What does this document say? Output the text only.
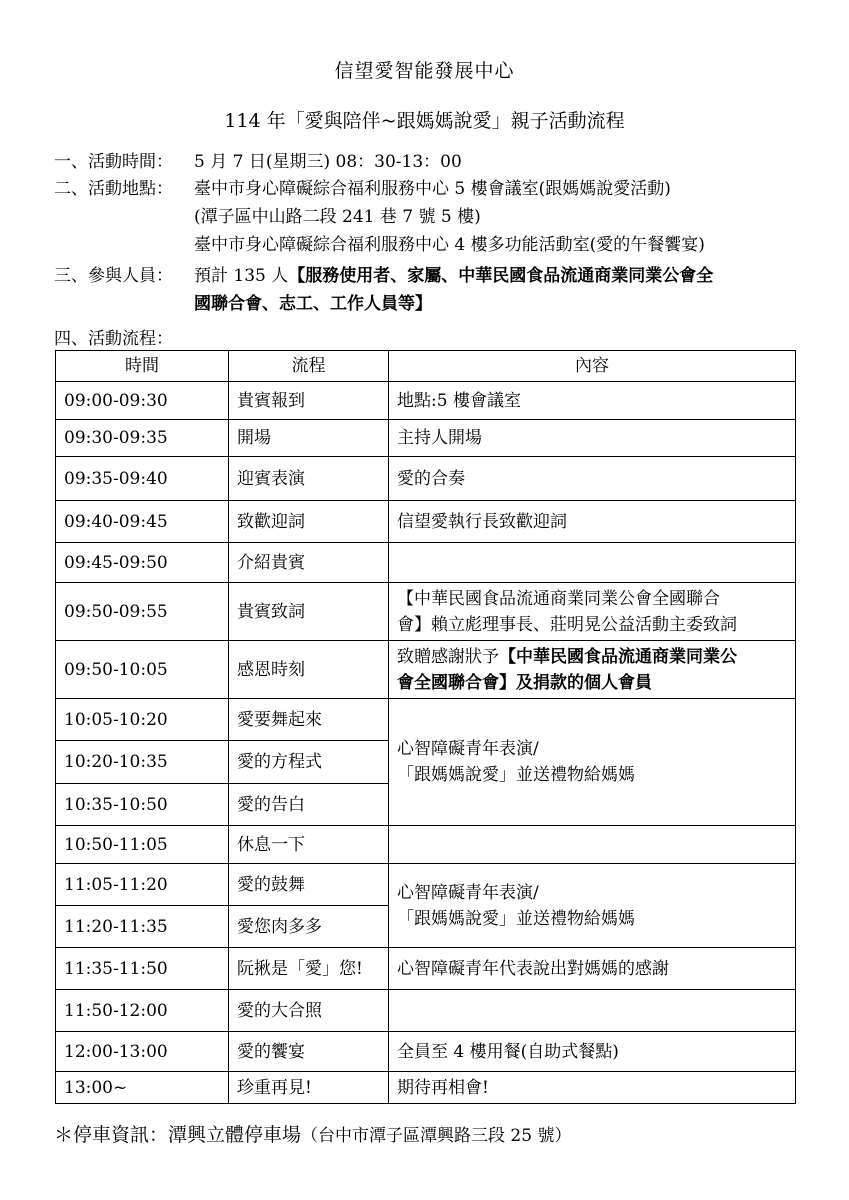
信望愛智能發展中心
114 年「愛與陪伴~跟媽媽說愛」親子活動流程
一、活動時間： 5 月 7 日(星期三) 08：30-13：00
二、活動地點： 臺中市身心障礙綜合福利服務中心 5 樓會議室(跟媽媽說愛活動)
(潭子區中山路二段 241 巷 7 號 5 樓)
臺中市身心障礙綜合福利服務中心 4 樓多功能活動室(愛的午餐饗宴)
三、參與人員： 預計 135 人【服務使用者、家屬、中華民國食品流通商業同業公會全
國聯合會、志工、工作人員等】
四、活動流程：
時間	流程	內容
09:00-09:30	貴賓報到	地點:5 樓會議室
09:30-09:35	開場	主持人開場
09:35-09:40	迎賓表演	愛的合奏
09:40-09:45	致歡迎詞	信望愛執行長致歡迎詞
09:45-09:50	介紹貴賓	
09:50-09:55	貴賓致詞	【中華民國食品流通商業同業公會全國聯合
會】賴立彪理事長、莊明晃公益活動主委致詞

09:50-10:05	感恩時刻	致贈感謝狀予【中華民國食品流通商業同業公
會全國聯合會】及捐款的個人會員

10:05-10:20	愛要舞起來	心智障礙青年表演/
「跟媽媽說愛」並送禮物給媽媽

10:20-10:35	愛的方程式	
10:35-10:50	愛的告白	
10:50-11:05	休息一下	
11:05-11:20	愛的鼓舞	心智障礙青年表演/
「跟媽媽說愛」並送禮物給媽媽

11:20-11:35	愛您肉多多	
11:35-11:50	阮揪是「愛」您!	心智障礙青年代表說出對媽媽的感謝
11:50-12:00	愛的大合照	
12:00-13:00	愛的饗宴	全員至 4 樓用餐(自助式餐點)
13:00~	珍重再見!	期待再相會!
＊停車資訊：潭興立體停車場（台中市潭子區潭興路三段 25 號）
